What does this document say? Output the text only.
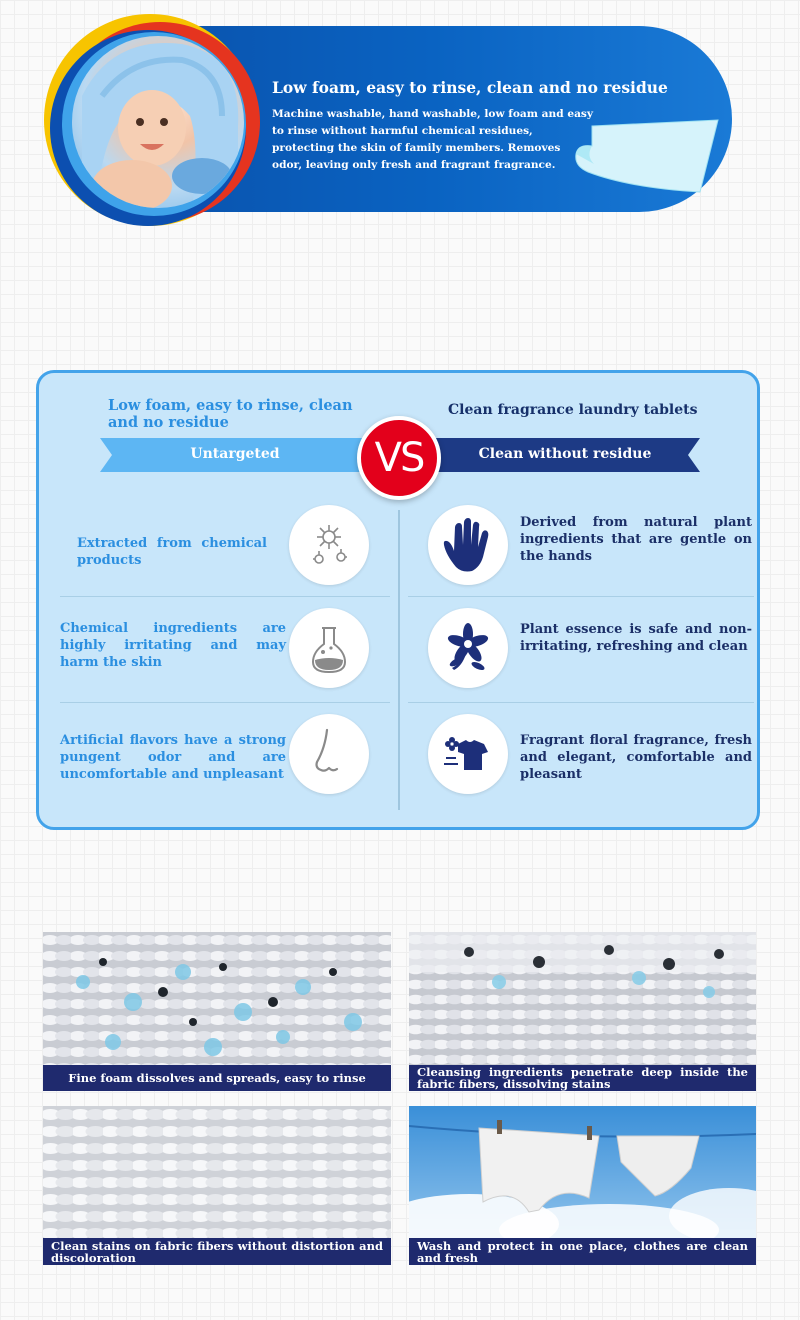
Low foam, easy to rinse, clean and no residue
Machine washable, hand washable, low foam and easy to rinse without harmful chemical residues, protecting the skin of family members. Removes odor, leaving only fresh and fragrant fragrance.
Low foam, easy to rinse, clean and no residue
Clean fragrance laundry tablets
Untargeted	Clean without residue
VS
Extracted from chemical products
Derived from natural plant ingredients that are gentle on the hands
Chemical ingredients are highly irritating and may harm the skin
Plant essence is safe and non-irritating, refreshing and clean
Artificial flavors have a strong pungent odor and are uncomfortable and unpleasant
Fragrant floral fragrance, fresh and elegant, comfortable and pleasant
Fine foam dissolves and spreads, easy to rinse	Cleansing ingredients penetrate deep inside the fabric fibers, dissolving stains
Clean stains on fabric fibers without distortion and discoloration
Wash and protect in one place, clothes are clean and fresh
